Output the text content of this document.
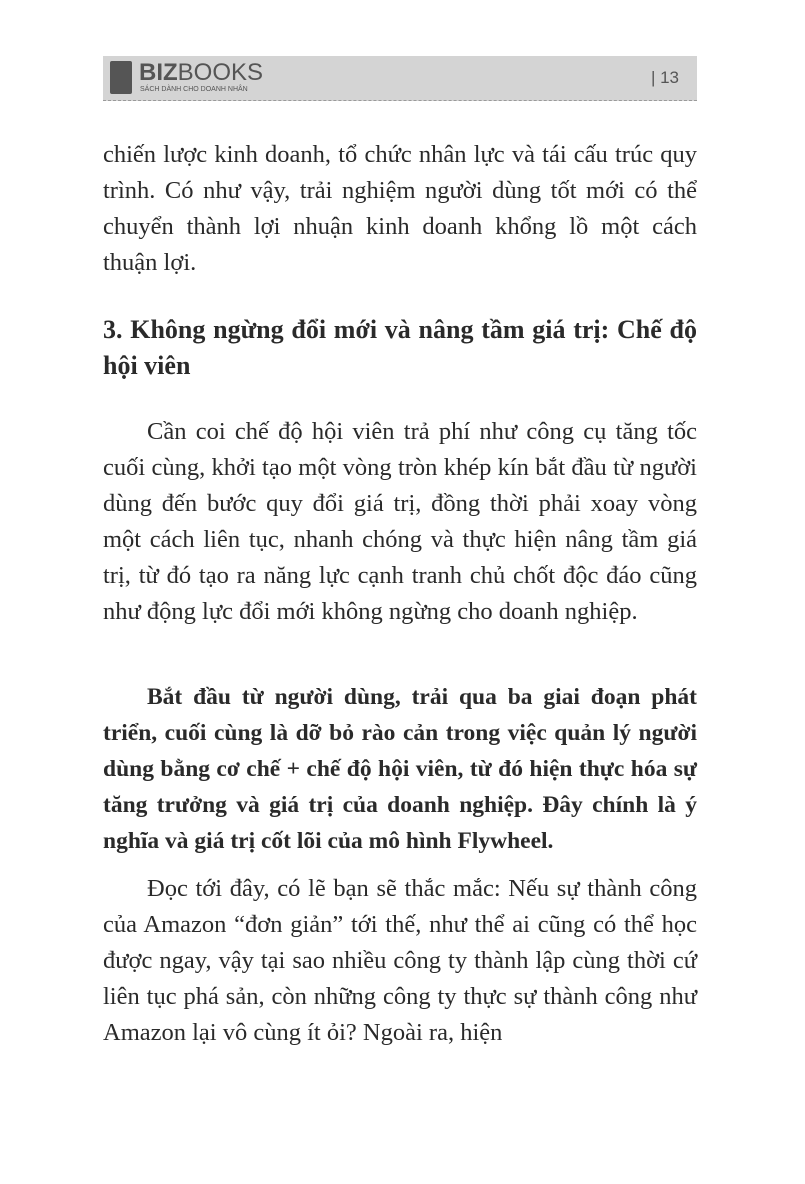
BIZBOOKS
SÁCH DÀNH CHO DOANH NHÂN
| 13
chiến lược kinh doanh, tổ chức nhân lực và tái cấu trúc quy trình. Có như vậy, trải nghiệm người dùng tốt mới có thể chuyển thành lợi nhuận kinh doanh khổng lồ một cách thuận lợi.
3. Không ngừng đổi mới và nâng tầm giá trị: Chế độ hội viên
Cần coi chế độ hội viên trả phí như công cụ tăng tốc cuối cùng, khởi tạo một vòng tròn khép kín bắt đầu từ người dùng đến bước quy đổi giá trị, đồng thời phải xoay vòng một cách liên tục, nhanh chóng và thực hiện nâng tầm giá trị, từ đó tạo ra năng lực cạnh tranh chủ chốt độc đáo cũng như động lực đổi mới không ngừng cho doanh nghiệp.
Bắt đầu từ người dùng, trải qua ba giai đoạn phát triển, cuối cùng là dỡ bỏ rào cản trong việc quản lý người dùng bằng cơ chế + chế độ hội viên, từ đó hiện thực hóa sự tăng trưởng và giá trị của doanh nghiệp. Đây chính là ý nghĩa và giá trị cốt lõi của mô hình Flywheel.
Đọc tới đây, có lẽ bạn sẽ thắc mắc: Nếu sự thành công của Amazon “đơn giản” tới thế, như thể ai cũng có thể học được ngay, vậy tại sao nhiều công ty thành lập cùng thời cứ liên tục phá sản, còn những công ty thực sự thành công như Amazon lại vô cùng ít ỏi? Ngoài ra, hiện
